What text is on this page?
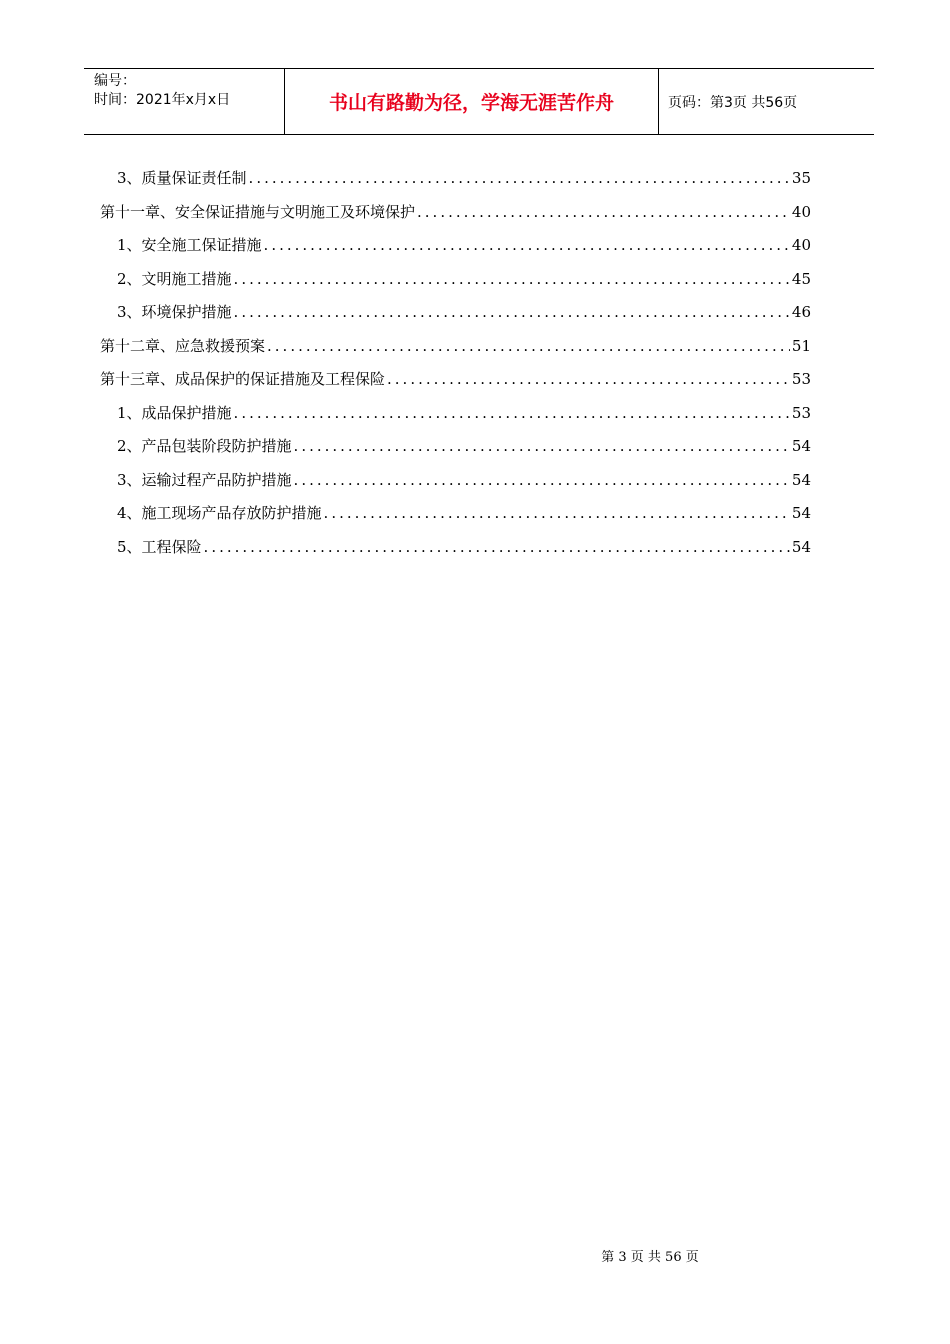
编号：
时间：2021年x月x日	书山有路勤为径，学海无涯苦作舟	页码：第3页 共56页
3、质量保证责任制 .....	35
第十一章、安全保证措施与文明施工及环境保护 .....	40
1、安全施工保证措施 .....	40
2、文明施工措施 .....	45
3、环境保护措施 .....	46
第十二章、应急救援预案 .....	51
第十三章、成品保护的保证措施及工程保险 .....	53
1、成品保护措施 .....	53
2、产品包装阶段防护措施 .....	54
3、运输过程产品防护措施 .....	54
4、施工现场产品存放防护措施 .....	54
5、工程保险 .....	54
第 3 页 共 56 页
